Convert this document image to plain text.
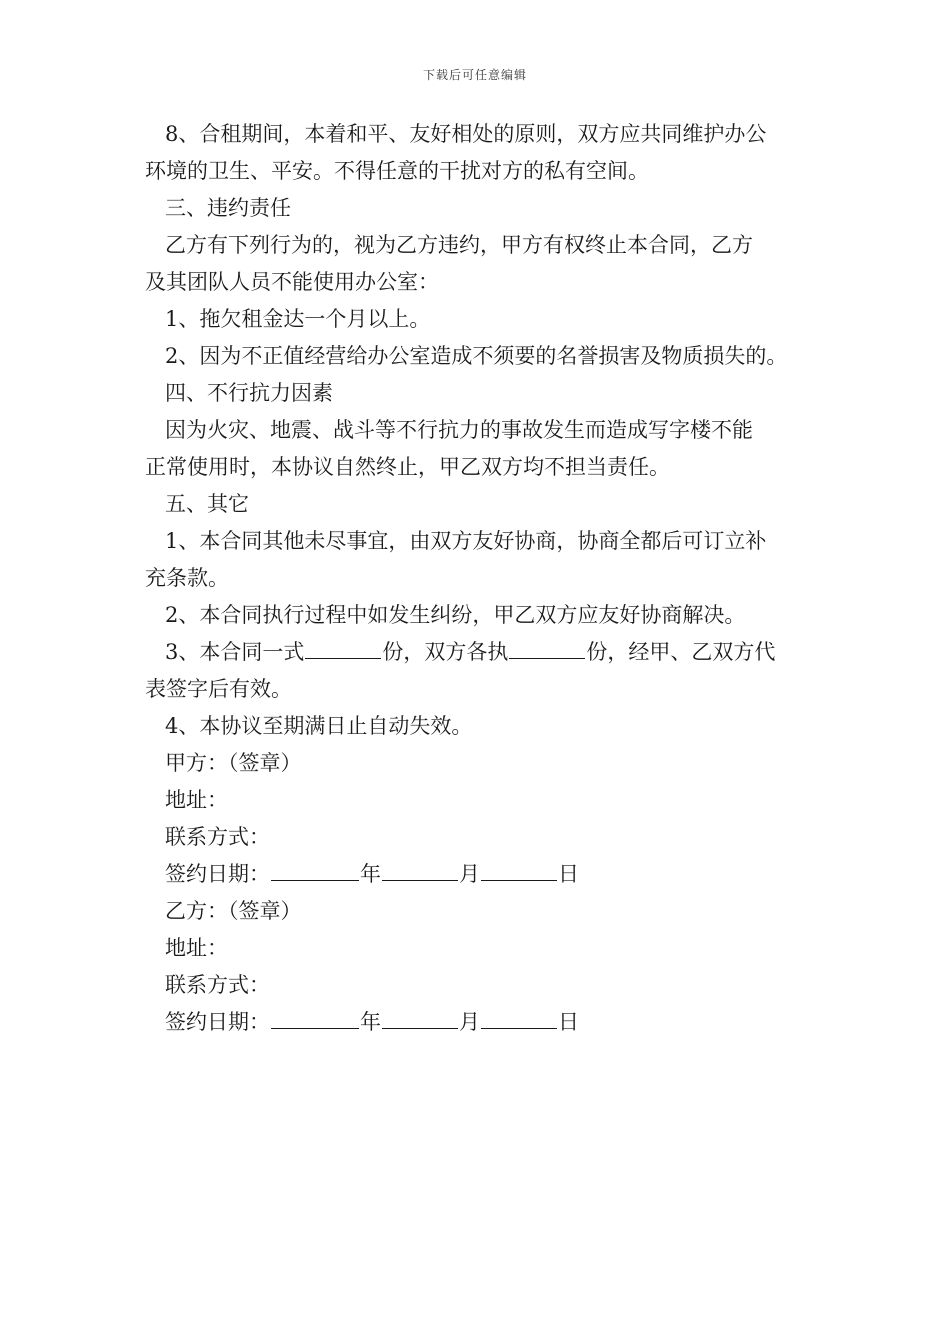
下载后可任意编辑
8、合租期间，本着和平、友好相处的原则，双方应共同维护办公
环境的卫生、平安。不得任意的干扰对方的私有空间。
三、违约责任
乙方有下列行为的，视为乙方违约，甲方有权终止本合同，乙方
及其团队人员不能使用办公室：
1、拖欠租金达一个月以上。
2、因为不正值经营给办公室造成不须要的名誉损害及物质损失的。
四、不行抗力因素
因为火灾、地震、战斗等不行抗力的事故发生而造成写字楼不能
正常使用时，本协议自然终止，甲乙双方均不担当责任。
五、其它
1、本合同其他未尽事宜，由双方友好协商，协商全都后可订立补
充条款。
2、本合同执行过程中如发生纠纷，甲乙双方应友好协商解决。
3、本合同一式	份，双方各执	份，经甲、乙双方代
表签字后有效。
4、本协议至期满日止自动失效。
甲方：（签章）
地址：
联系方式：
签约日期：	年	月	日
乙方：（签章）
地址：
联系方式：
签约日期：	年	月	日
